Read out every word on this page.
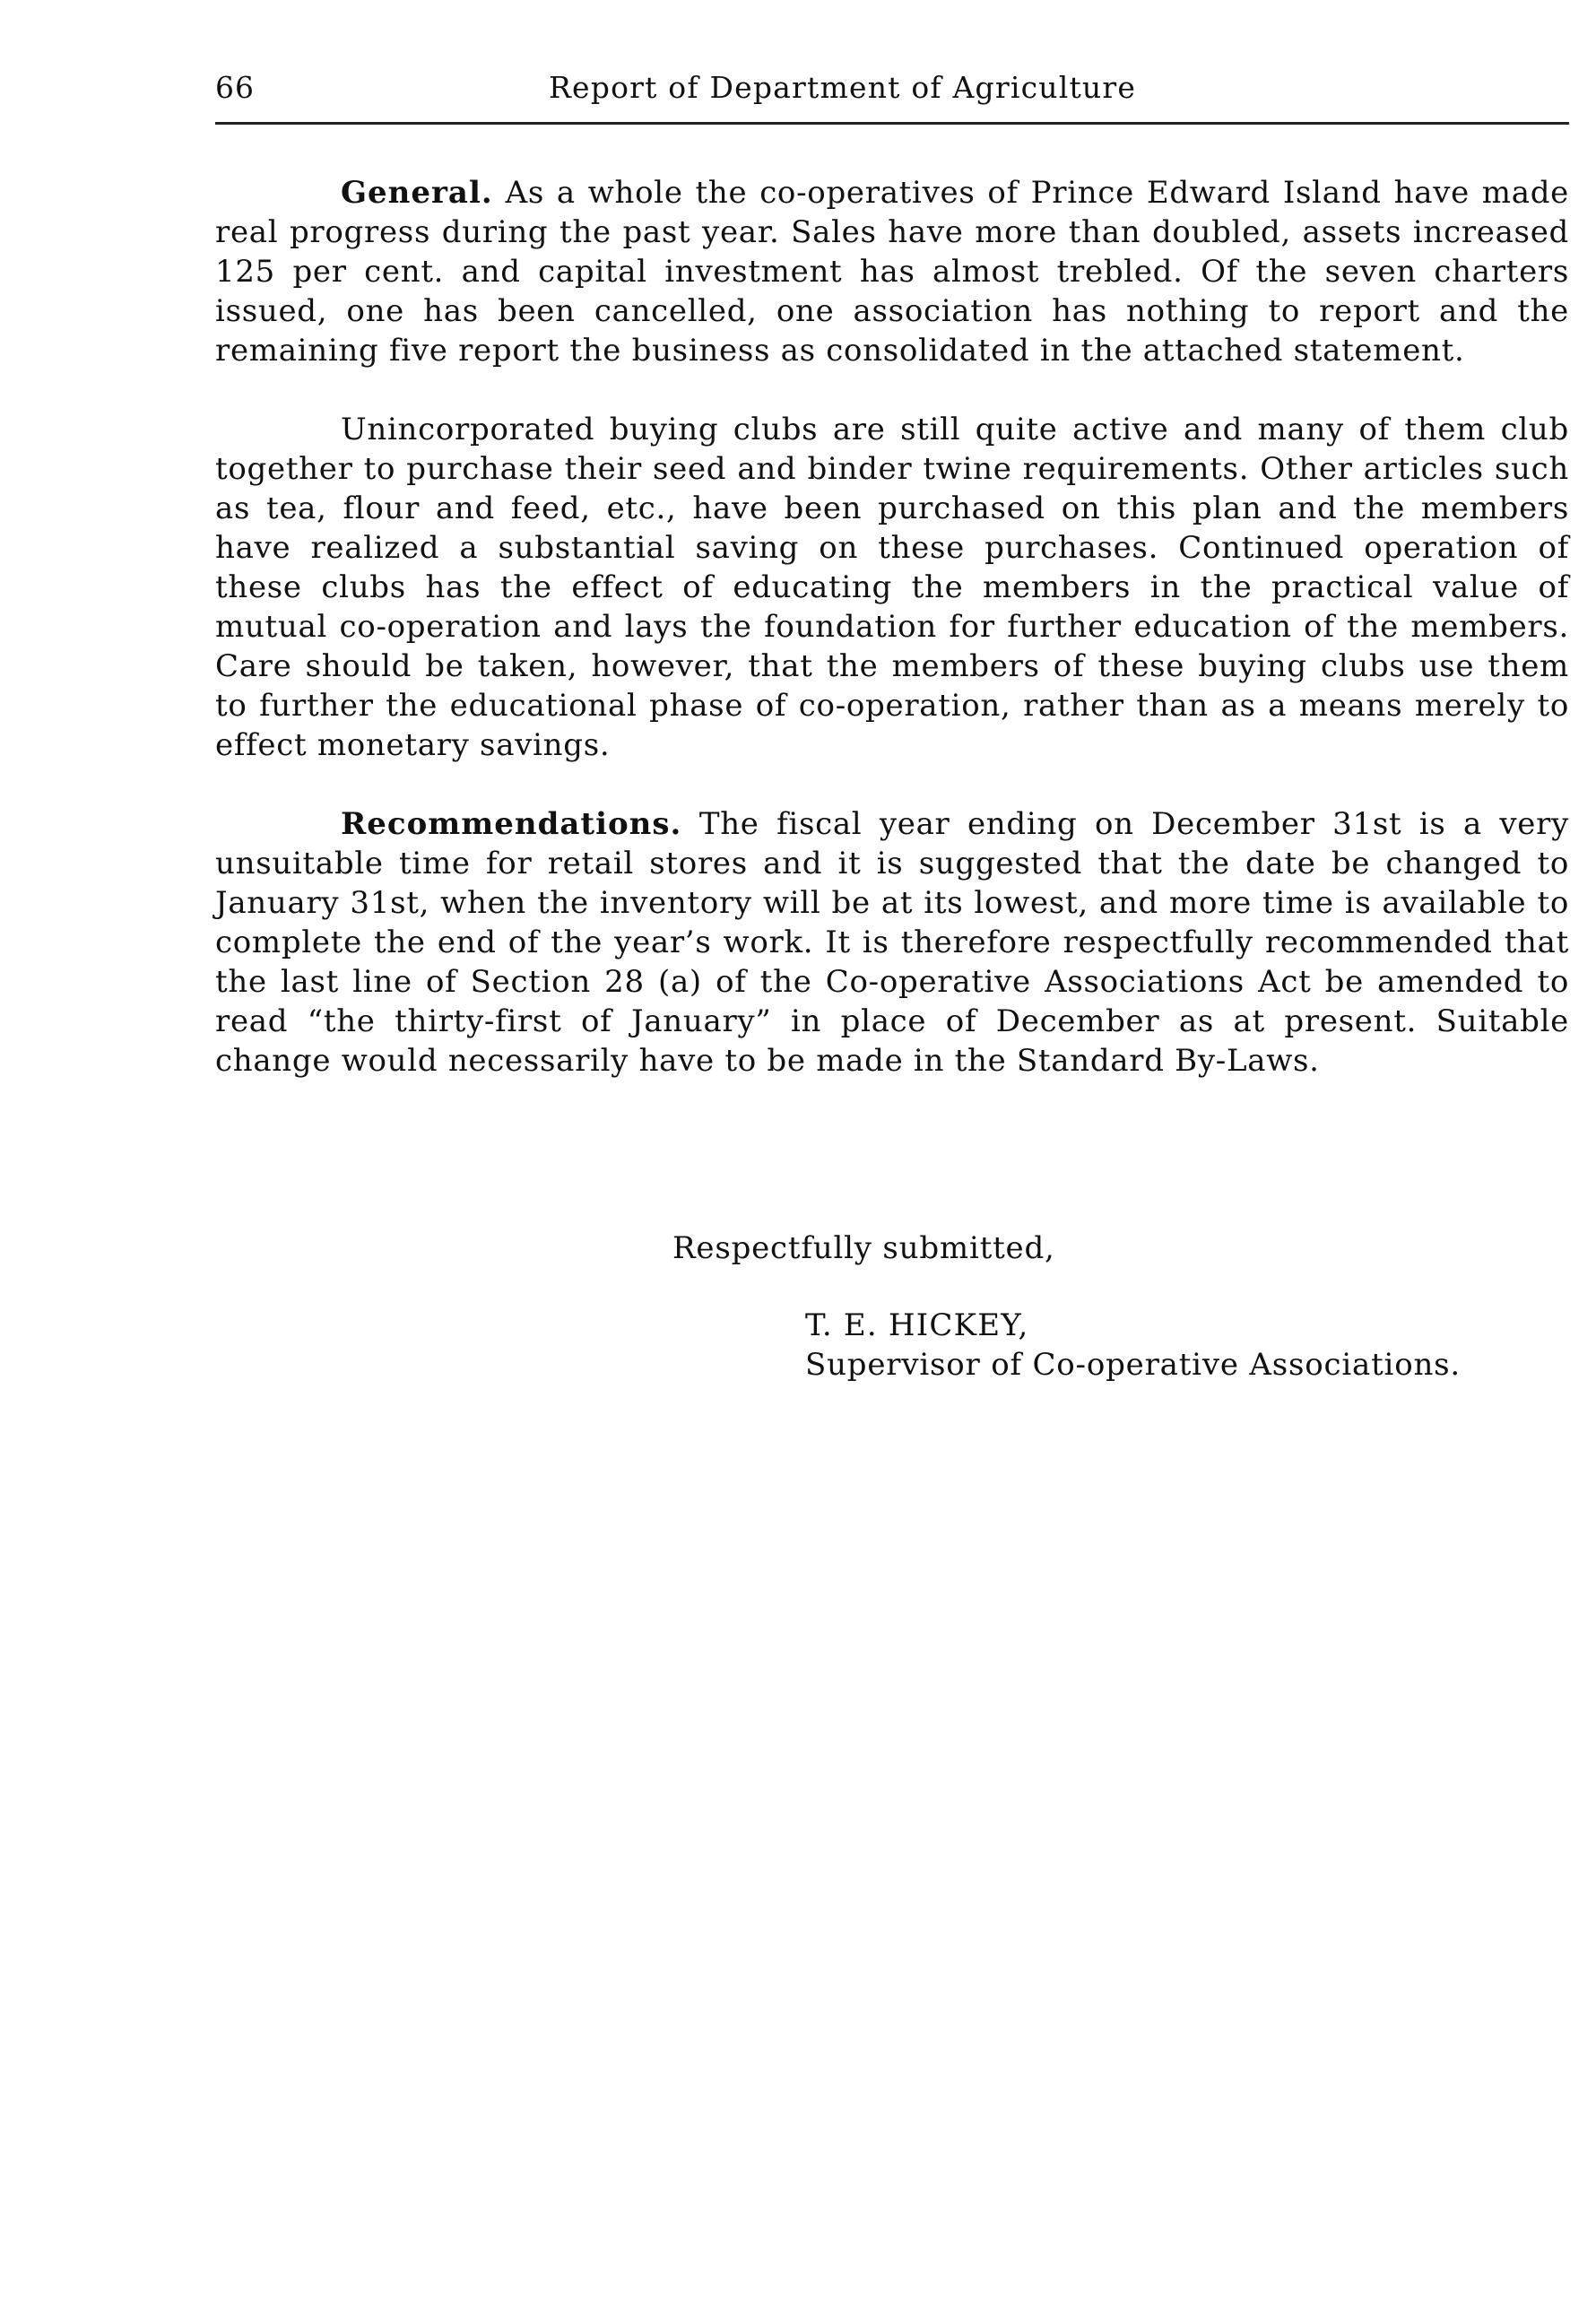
66	Report of Department of Agriculture

General. As a whole the co-operatives of Prince Edward Island have made real progress during the past year. Sales have more than doubled, assets increased 125 per cent. and capital investment has almost trebled. Of the seven charters issued, one has been cancelled, one association has nothing to report and the remaining five report the business as consolidated in the attached statement.

Unincorporated buying clubs are still quite active and many of them club together to purchase their seed and binder twine requirements. Other articles such as tea, flour and feed, etc., have been purchased on this plan and the members have realized a substantial saving on these purchases. Continued operation of these clubs has the effect of educating the members in the practical value of mutual co-operation and lays the foundation for further education of the members. Care should be taken, however, that the members of these buying clubs use them to further the educational phase of co-operation, rather than as a means merely to effect monetary savings.

Recommendations. The fiscal year ending on December 31st is a very unsuitable time for retail stores and it is suggested that the date be changed to January 31st, when the inventory will be at its lowest, and more time is available to complete the end of the year’s work. It is therefore respectfully recommended that the last line of Section 28 (a) of the Co-operative Associations Act be amended to read “the thirty-first of January” in place of December as at present. Suitable change would necessarily have to be made in the Standard By-Laws.

Respectfully submitted,
T. E. HICKEY,
Supervisor of Co-operative Associations.
